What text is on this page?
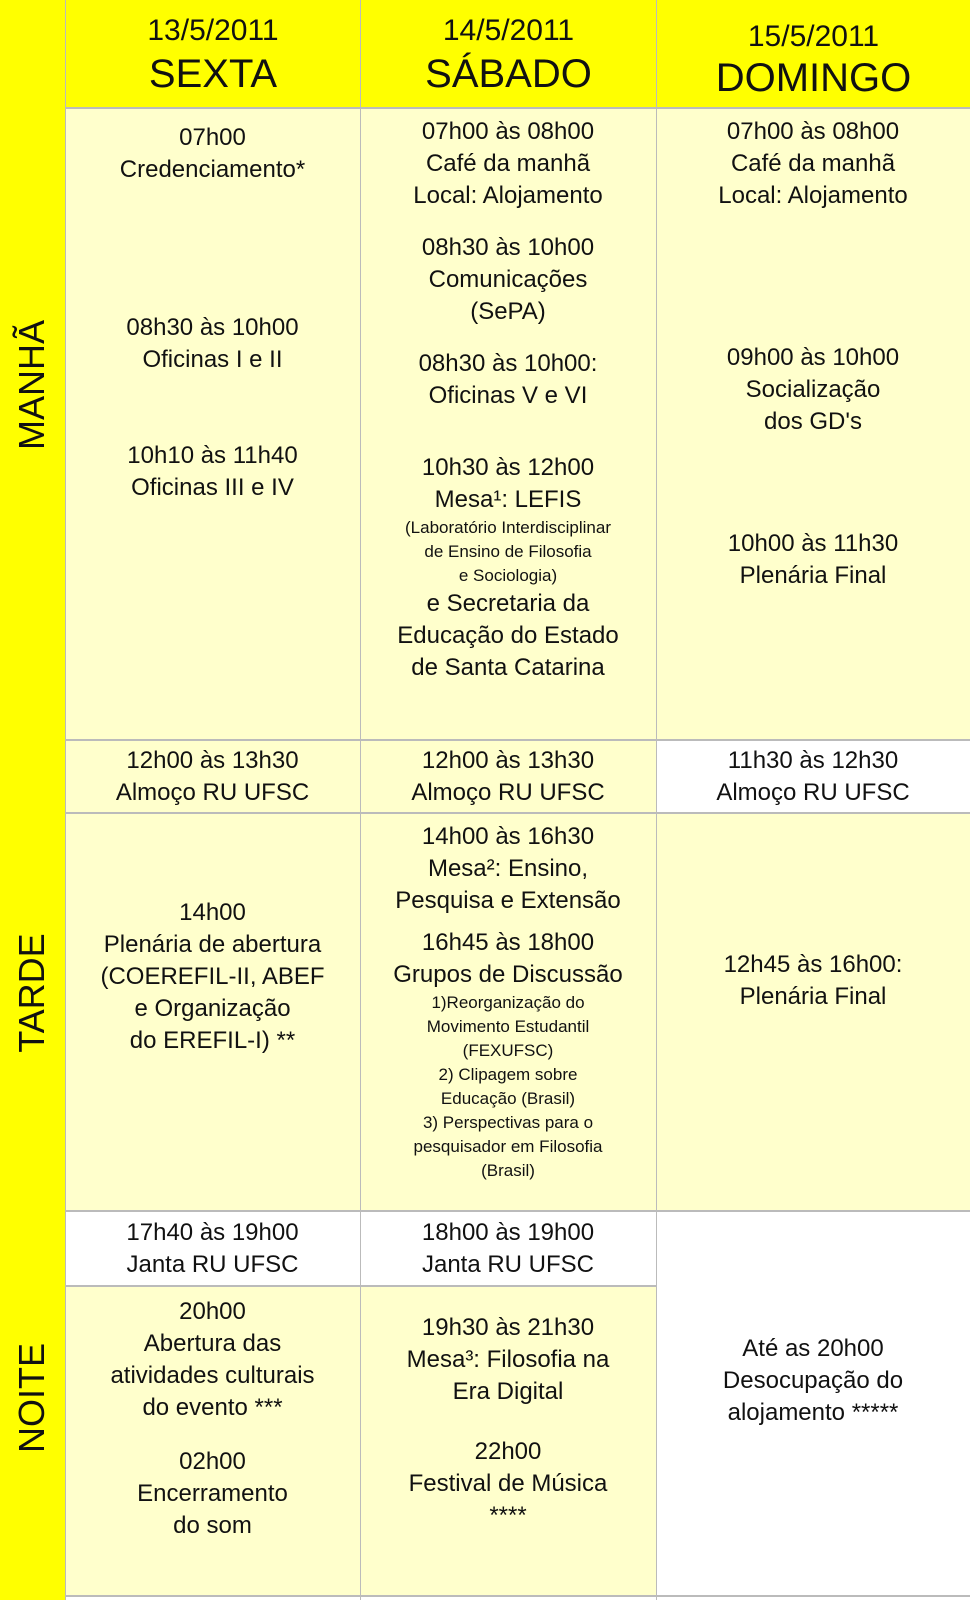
MANHÃ
TARDE
NOITE
13/5/2011
SEXTA
14/5/2011
SÁBADO
15/5/2011
DOMINGO
07h00
Credenciamento*
08h30 às 10h00
Oficinas I e II
10h10 às 11h40
Oficinas III e IV
12h00 às 13h30
Almoço RU UFSC
14h00
Plenária de abertura
(COEREFIL-II, ABEF
e Organização
do EREFIL-I) **
17h40 às 19h00
Janta RU UFSC
20h00
Abertura das
atividades culturais
do evento ***
02h00
Encerramento
do som
07h00 às 08h00
Café da manhã
Local: Alojamento
08h30 às 10h00
Comunicações
(SePA)
08h30 às 10h00:
Oficinas V e VI
10h30 às 12h00
Mesa¹: LEFIS
(Laboratório Interdisciplinar
de Ensino de Filosofia
e Sociologia)
e Secretaria da
Educação do Estado
de Santa Catarina
12h00 às 13h30
Almoço RU UFSC
14h00 às 16h30
Mesa²: Ensino,
Pesquisa e Extensão
16h45 às 18h00
Grupos de Discussão
1)Reorganização do
Movimento Estudantil
(FEXUFSC)
2) Clipagem sobre
Educação (Brasil)
3) Perspectivas para o
pesquisador em Filosofia
(Brasil)
18h00 às 19h00
Janta RU UFSC
19h30 às 21h30
Mesa³: Filosofia na
Era Digital
22h00
Festival de Música
****
07h00 às 08h00
Café da manhã
Local: Alojamento
09h00 às 10h00
Socialização
dos GD's
10h00 às 11h30
Plenária Final
11h30 às 12h30
Almoço RU UFSC
12h45 às 16h00:
Plenária Final
Até as 20h00
Desocupação do
alojamento *****
